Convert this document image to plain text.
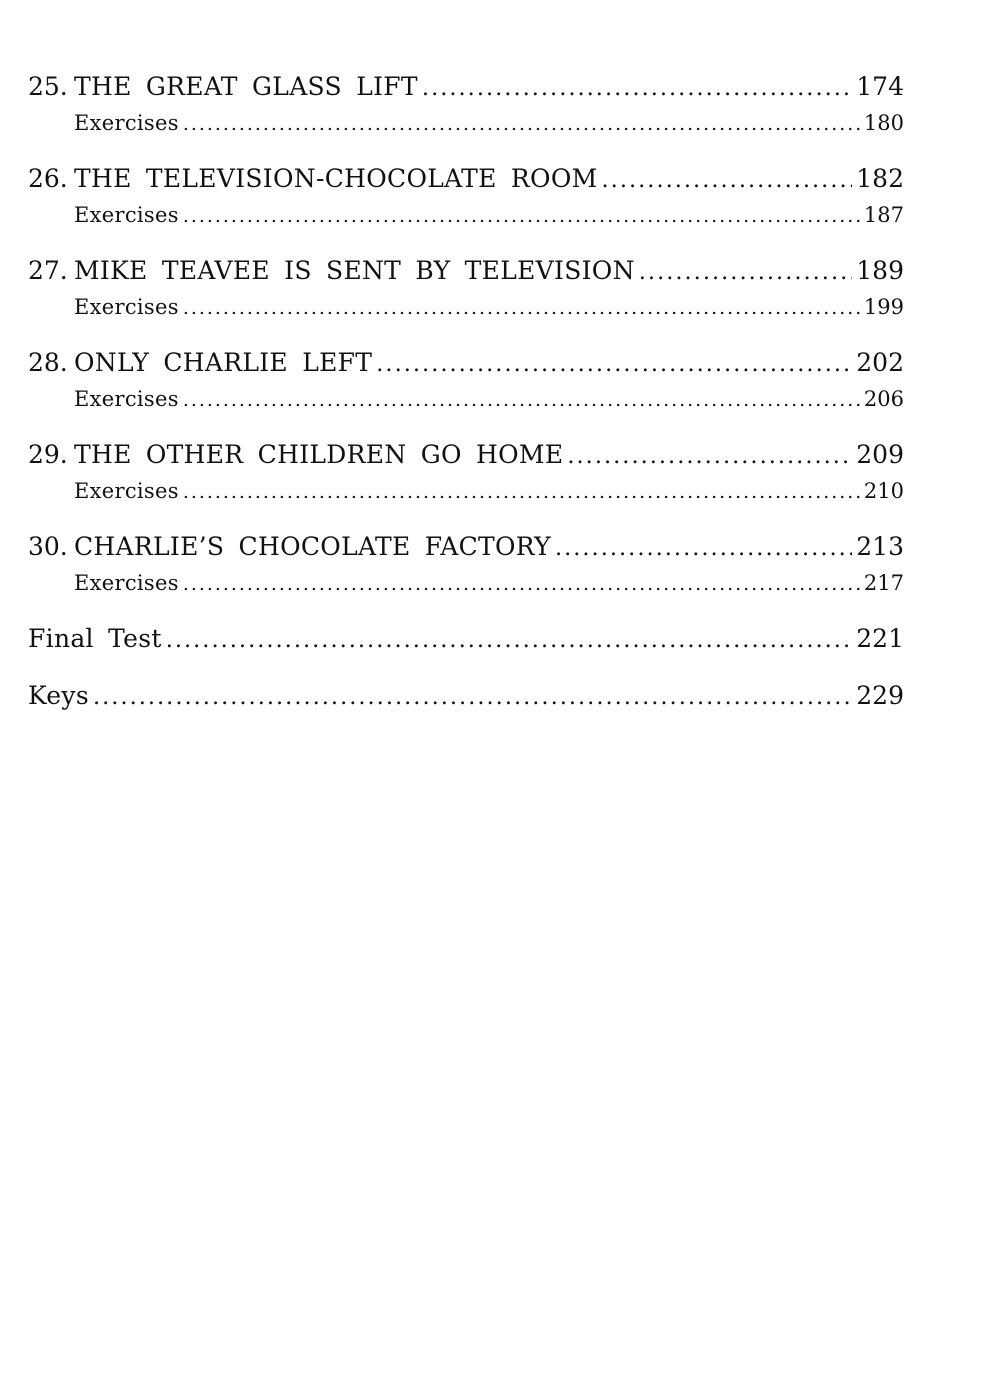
25. THE GREAT GLASS LIFT .....	174
Exercises .....	180
26. THE TELEVISION-CHOCOLATE ROOM .....	182
Exercises .....	187
27. MIKE TEAVEE IS SENT BY TELEVISION .....	189
Exercises .....	199
28. ONLY CHARLIE LEFT .....	202
Exercises .....	206
29. THE OTHER CHILDREN GO HOME .....	209
Exercises .....	210
30. CHARLIE’S CHOCOLATE FACTORY .....	213
Exercises .....	217
Final Test .....	221
Keys .....	229
